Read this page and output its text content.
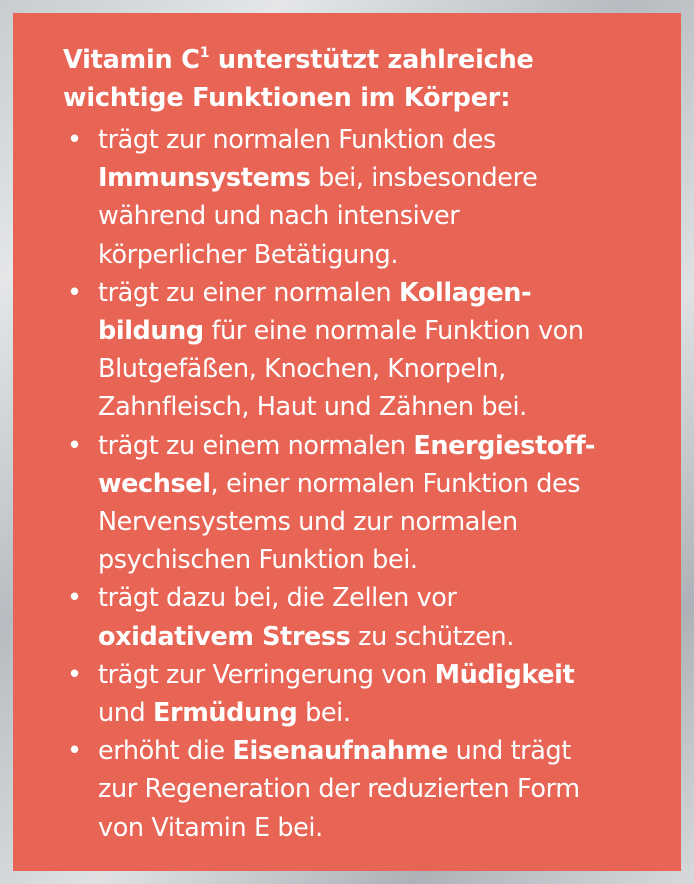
Vitamin $C^1$ unterstützt zahlreiche
wichtige Funktionen im Körper:
• trägt zur normalen Funktion des
Immunsystems bei, insbesondere
während und nach intensiver
körperlicher Betätigung.
• trägt zu einer normalen Kollagen-
bildung für eine normale Funktion von
Blutgefäßen, Knochen, Knorpeln,
Zahnfleisch, Haut und Zähnen bei.
• trägt zu einem normalen Energiestoff-
wechsel, einer normalen Funktion des
Nervensystems und zur normalen
psychischen Funktion bei.
• trägt dazu bei, die Zellen vor
oxidativem Stress zu schützen.
• trägt zur Verringerung von Müdigkeit
und Ermüdung bei.
• erhöht die Eisenaufnahme und trägt
zur Regeneration der reduzierten Form
von Vitamin E bei.
